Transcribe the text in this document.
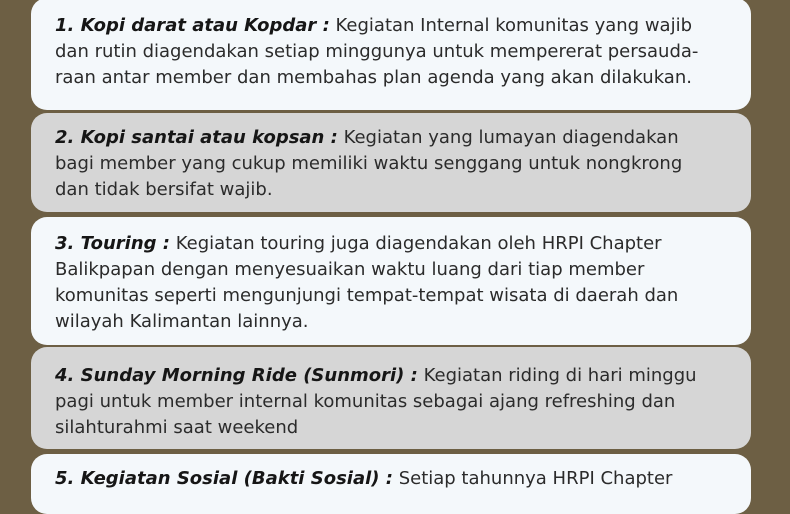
1. Kopi darat atau Kopdar : Kegiatan Internal komunitas yang wajib

dan rutin diagendakan setiap minggunya untuk mempererat persauda-

raan antar member dan membahas plan agenda yang akan dilakukan.

2. Kopi santai atau kopsan : Kegiatan yang lumayan diagendakan

bagi member yang cukup memiliki waktu senggang untuk nongkrong

dan tidak bersifat wajib.

3. Touring : Kegiatan touring juga diagendakan oleh HRPI Chapter

Balikpapan dengan menyesuaikan waktu luang dari tiap member

komunitas seperti mengunjungi tempat-tempat wisata di daerah dan

wilayah Kalimantan lainnya.

4. Sunday Morning Ride (Sunmori) : Kegiatan riding di hari minggu

pagi untuk member internal komunitas sebagai ajang refreshing dan

silahturahmi saat weekend

5. Kegiatan Sosial (Bakti Sosial) : Setiap tahunnya HRPI Chapter
